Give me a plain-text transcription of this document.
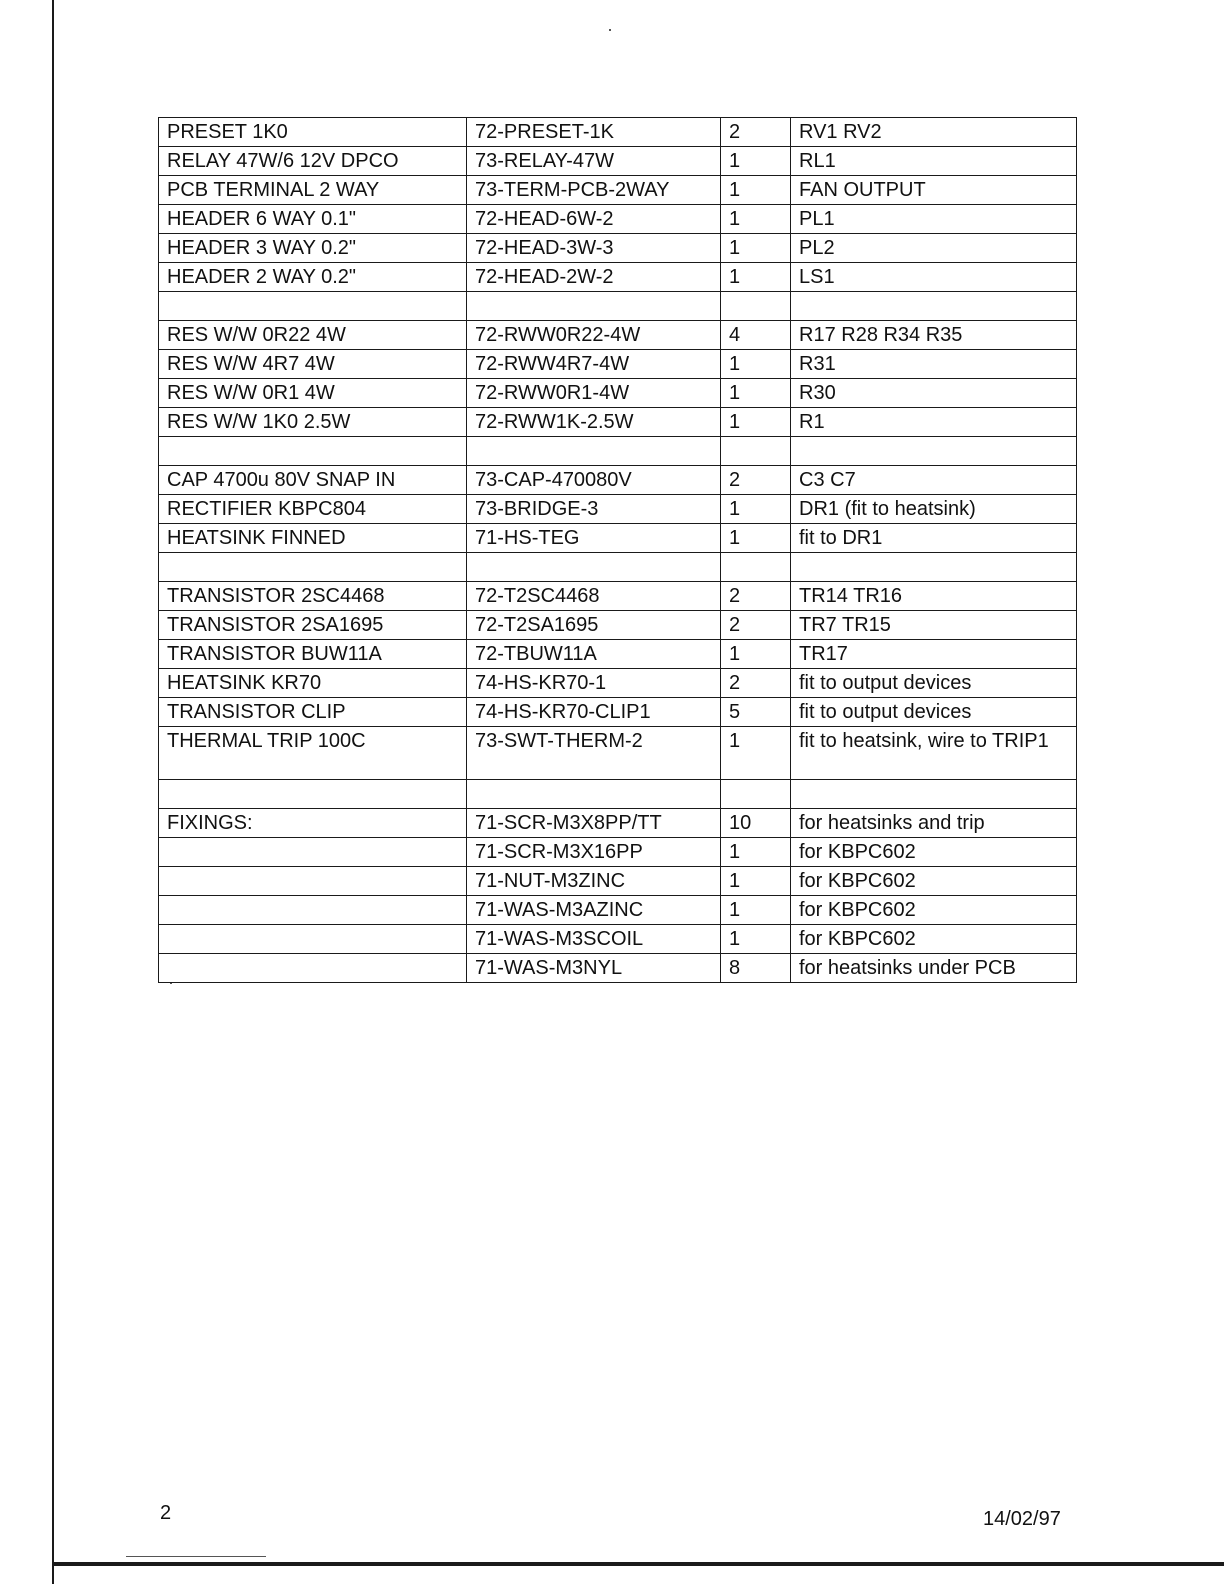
PRESET 1K0	72-PRESET-1K	2	RV1 RV2
RELAY 47W/6 12V DPCO	73-RELAY-47W	1	RL1
PCB TERMINAL 2 WAY	73-TERM-PCB-2WAY	1	FAN OUTPUT
HEADER 6 WAY 0.1"	72-HEAD-6W-2	1	PL1
HEADER 3 WAY 0.2"	72-HEAD-3W-3	1	PL2
HEADER 2 WAY 0.2"	72-HEAD-2W-2	1	LS1

RES W/W 0R22 4W	72-RWW0R22-4W	4	R17 R28 R34 R35
RES W/W 4R7 4W	72-RWW4R7-4W	1	R31
RES W/W 0R1 4W	72-RWW0R1-4W	1	R30
RES W/W 1K0 2.5W	72-RWW1K-2.5W	1	R1

CAP 4700u 80V SNAP IN	73-CAP-470080V	2	C3 C7
RECTIFIER KBPC804	73-BRIDGE-3	1	DR1 (fit to heatsink)
HEATSINK FINNED	71-HS-TEG	1	fit to DR1

TRANSISTOR 2SC4468	72-T2SC4468	2	TR14 TR16
TRANSISTOR 2SA1695	72-T2SA1695	2	TR7 TR15
TRANSISTOR BUW11A	72-TBUW11A	1	TR17
HEATSINK KR70	74-HS-KR70-1	2	fit to output devices
TRANSISTOR CLIP	74-HS-KR70-CLIP1	5	fit to output devices
THERMAL TRIP 100C	73-SWT-THERM-2	1	fit to heatsink, wire to TRIP1

FIXINGS:	71-SCR-M3X8PP/TT	10	for heatsinks and trip
	71-SCR-M3X16PP	1	for KBPC602
	71-NUT-M3ZINC	1	for KBPC602
	71-WAS-M3AZINC	1	for KBPC602
	71-WAS-M3SCOIL	1	for KBPC602
	71-WAS-M3NYL	8	for heatsinks under PCB
2	14/02/97
